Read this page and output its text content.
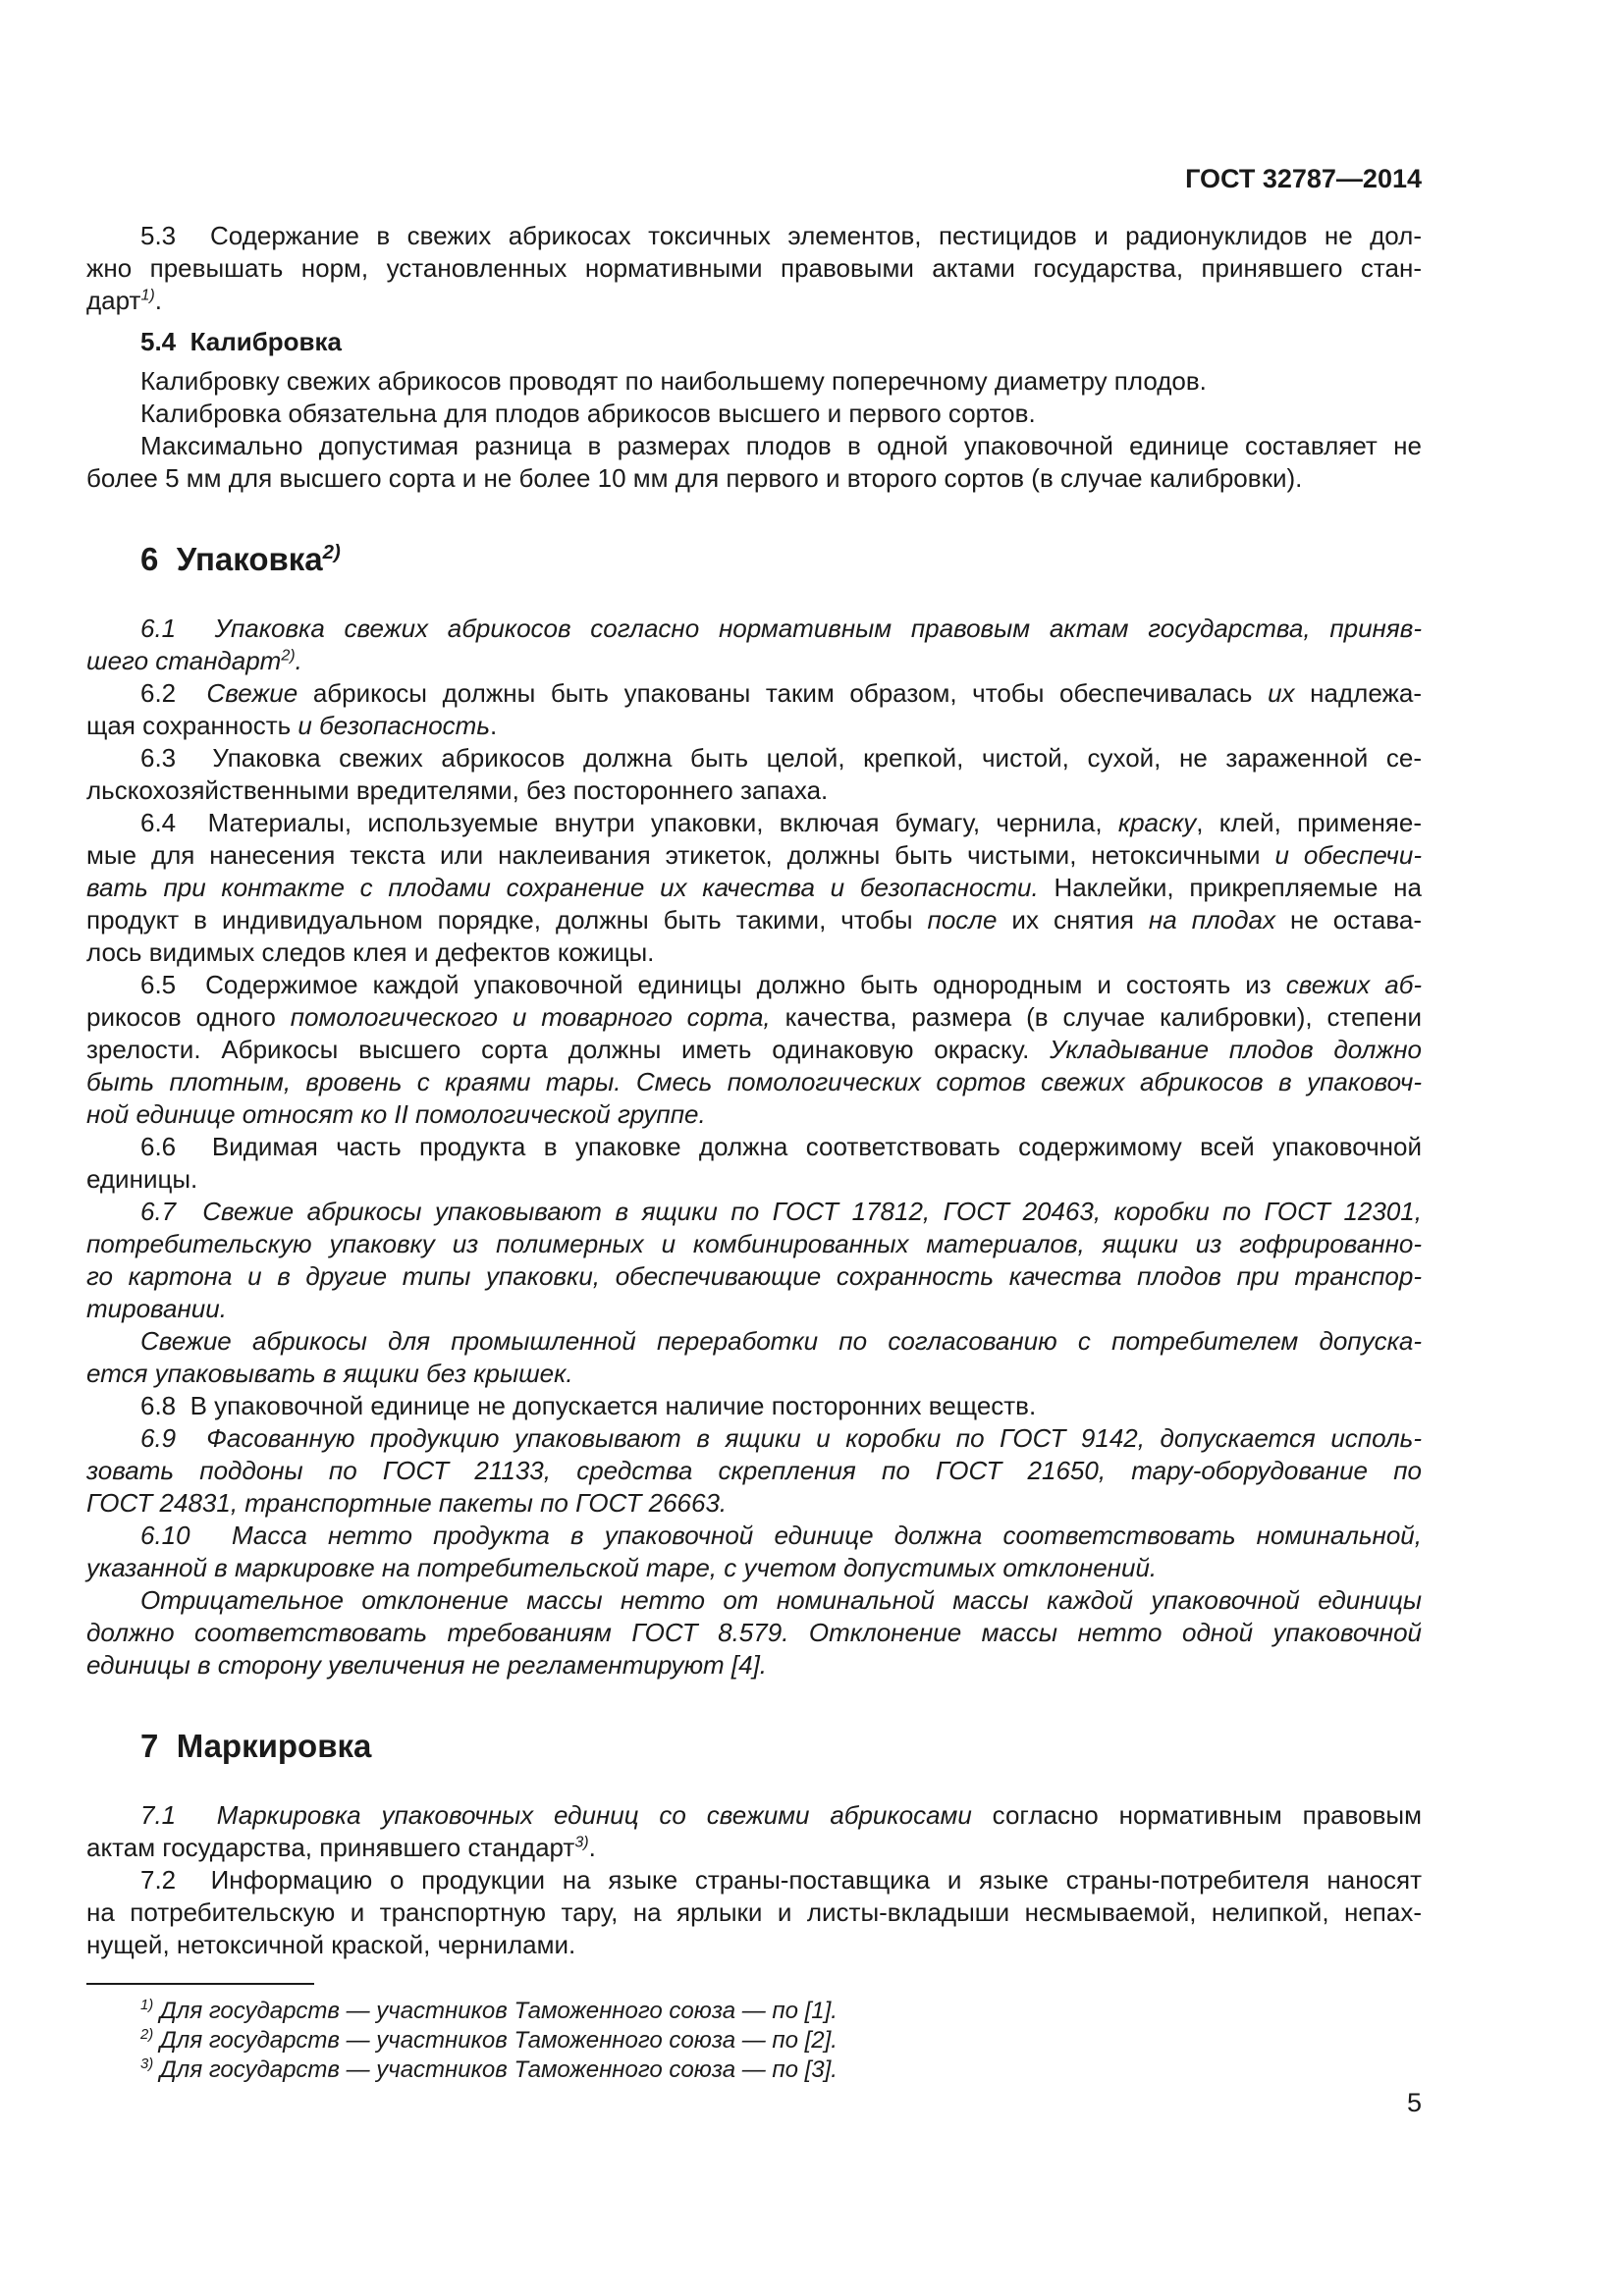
ГОСТ 32787—2014
5.3  Содержание в свежих абрикосах токсичных элементов, пестицидов и радионуклидов не дол-
жно превышать норм, установленных нормативными правовыми актами государства, принявшего стан-
дарт$^{1)}$.
5.4  Калибровка
Калибровку свежих абрикосов проводят по наибольшему поперечному диаметру плодов.
Калибровка обязательна для плодов абрикосов высшего и первого сортов.
Максимально допустимая разница в размерах плодов в одной упаковочной единице составляет не
более 5 мм для высшего сорта и не более 10 мм для первого и второго сортов (в случае калибровки).
6  Упаковка$^{2)}$
6.1  Упаковка свежих абрикосов согласно нормативным правовым актам государства, приняв-
шего стандарт$^{2)}$.
6.2  Свежие абрикосы должны быть упакованы таким образом, чтобы обеспечивалась их надлежа-
щая сохранность и безопасность.
6.3  Упаковка свежих абрикосов должна быть целой, крепкой, чистой, сухой, не зараженной се-
льскохозяйственными вредителями, без постороннего запаха.
6.4  Материалы, используемые внутри упаковки, включая бумагу, чернила, краску, клей, применяе-
мые для нанесения текста или наклеивания этикеток, должны быть чистыми, нетоксичными и обеспечи-
вать при контакте с плодами сохранение их качества и безопасности. Наклейки, прикрепляемые на
продукт в индивидуальном порядке, должны быть такими, чтобы после их снятия на плодах не остава-
лось видимых следов клея и дефектов кожицы.
6.5  Содержимое каждой упаковочной единицы должно быть однородным и состоять из свежих аб-
рикосов одного помологического и товарного сорта, качества, размера (в случае калибровки), степени
зрелости. Абрикосы высшего сорта должны иметь одинаковую окраску. Укладывание плодов должно
быть плотным, вровень с краями тары. Смесь помологических сортов свежих абрикосов в упаковоч-
ной единице относят ко II помологической группе.
6.6  Видимая часть продукта в упаковке должна соответствовать содержимому всей упаковочной
единицы.
6.7  Свежие абрикосы упаковывают в ящики по ГОСТ 17812, ГОСТ 20463, коробки по ГОСТ 12301,
потребительскую упаковку из полимерных и комбинированных материалов, ящики из гофрированно-
го картона и в другие типы упаковки, обеспечивающие сохранность качества плодов при транспор-
тировании.
Свежие абрикосы для промышленной переработки по согласованию с потребителем допуска-
ется упаковывать в ящики без крышек.
6.8  В упаковочной единице не допускается наличие посторонних веществ.
6.9  Фасованную продукцию упаковывают в ящики и коробки по ГОСТ 9142, допускается исполь-
зовать поддоны по ГОСТ 21133, средства скрепления по ГОСТ 21650, тару-оборудование по
ГОСТ 24831, транспортные пакеты по ГОСТ 26663.
6.10  Масса нетто продукта в упаковочной единице должна соответствовать номинальной,
указанной в маркировке на потребительской таре, с учетом допустимых отклонений.
Отрицательное отклонение массы нетто от номинальной массы каждой упаковочной единицы
должно соответствовать требованиям ГОСТ 8.579. Отклонение массы нетто одной упаковочной
единицы в сторону увеличения не регламентируют [4].
7  Маркировка
7.1  Маркировка упаковочных единиц со свежими абрикосами согласно нормативным правовым
актам государства, принявшего стандарт$^{3)}$.
7.2  Информацию о продукции на языке страны-поставщика и языке страны-потребителя наносят
на потребительскую и транспортную тару, на ярлыки и листы-вкладыши несмываемой, нелипкой, непах-
нущей, нетоксичной краской, чернилами.
$^{1)}$ Для государств — участников Таможенного союза — по [1].
$^{2)}$ Для государств — участников Таможенного союза — по [2].
$^{3)}$ Для государств — участников Таможенного союза — по [3].
5
